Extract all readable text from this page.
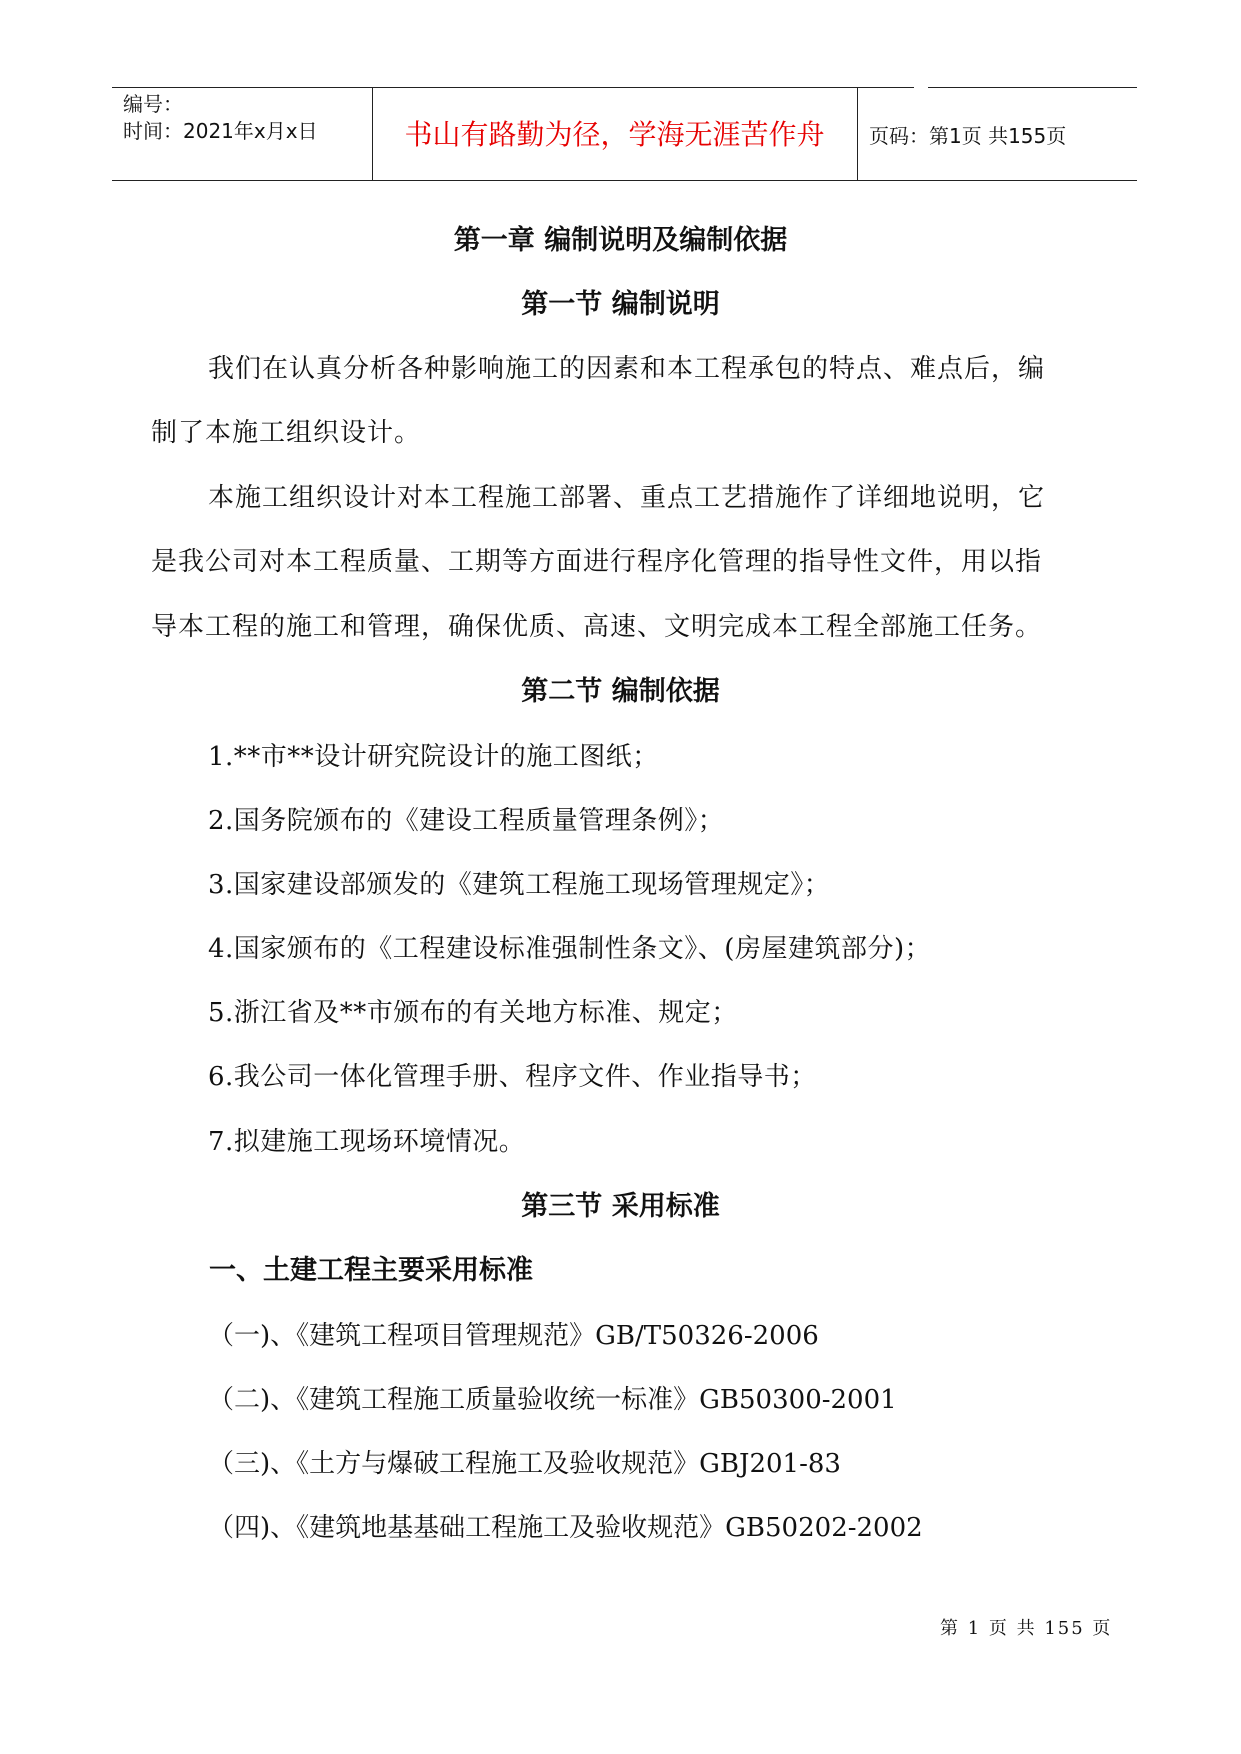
编号：
时间：2021年x月x日	书山有路勤为径，学海无涯苦作舟	页码：第1页 共155页
第一章 编制说明及编制依据
第一节 编制说明
我们在认真分析各种影响施工的因素和本工程承包的特点、难点后，编
制了本施工组织设计。
本施工组织设计对本工程施工部署、重点工艺措施作了详细地说明，它
是我公司对本工程质量、工期等方面进行程序化管理的指导性文件，用以指
导本工程的施工和管理，确保优质、高速、文明完成本工程全部施工任务。
第二节 编制依据
1.**市**设计研究院设计的施工图纸；
2.国务院颁布的《建设工程质量管理条例》；
3.国家建设部颁发的《建筑工程施工现场管理规定》；
4.国家颁布的《工程建设标准强制性条文》、(房屋建筑部分)；
5.浙江省及**市颁布的有关地方标准、规定；
6.我公司一体化管理手册、程序文件、作业指导书；
7.拟建施工现场环境情况。
第三节 采用标准
一、土建工程主要采用标准
（一)、《建筑工程项目管理规范》GB/T50326-2006
（二)、《建筑工程施工质量验收统一标准》GB50300-2001
（三)、《土方与爆破工程施工及验收规范》GBJ201-83
（四)、《建筑地基基础工程施工及验收规范》GB50202-2002
第 1 页 共 155 页
